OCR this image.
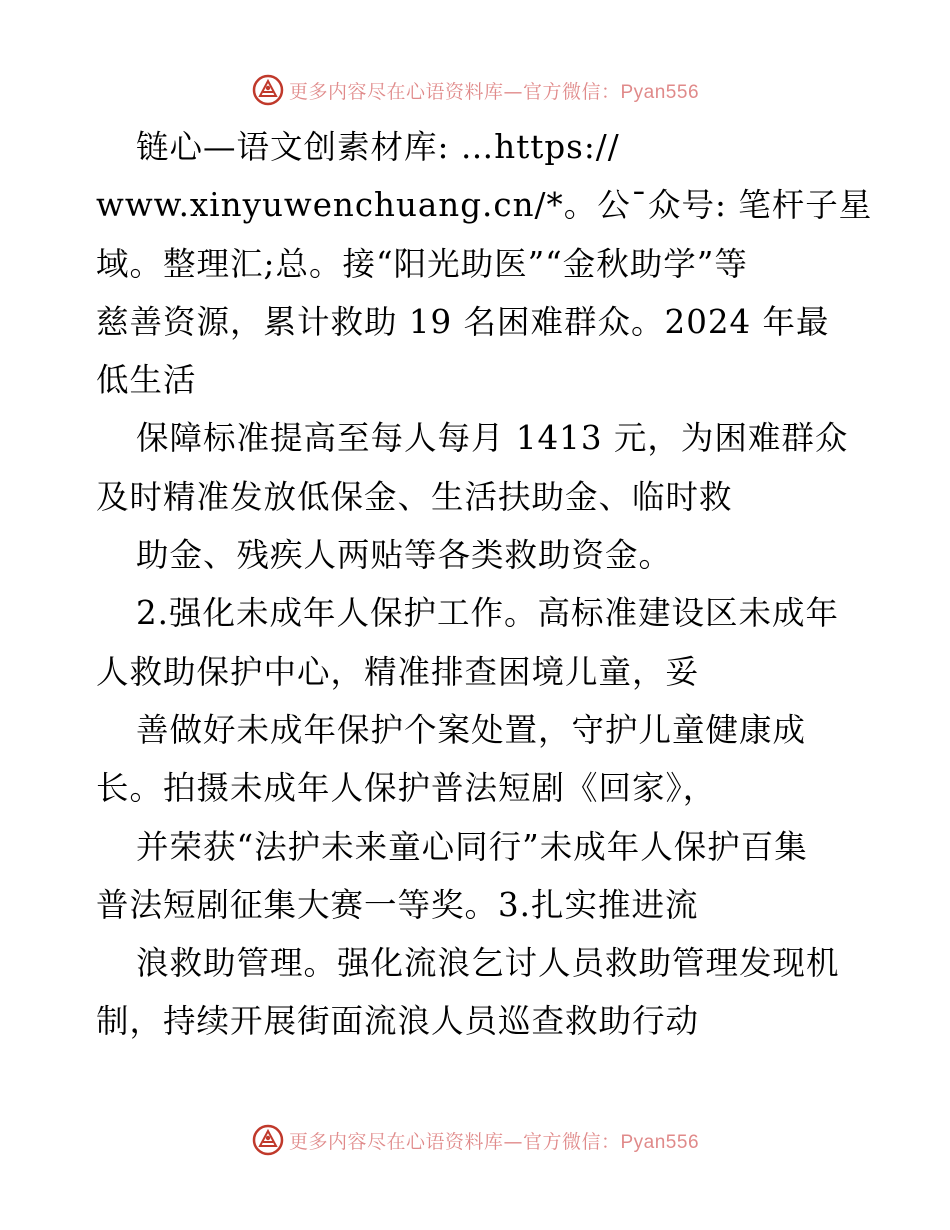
更多内容尽在心语资料库—官方微信：Pyan556
链心—语文创素材库: …https://
www.xinyuwenchuang.cn/*。公¯众号: 笔杆子星
域。整理汇;总。接“阳光助医”“金秋助学”等
慈善资源，累计救助 19 名困难群众。2024 年最
低生活
保障标准提高至每人每月 1413 元，为困难群众
及时精准发放低保金、生活扶助金、临时救
助金、残疾人两贴等各类救助资金。
2.强化未成年人保护工作。高标准建设区未成年
人救助保护中心，精准排查困境儿童，妥
善做好未成年保护个案处置，守护儿童健康成
长。拍摄未成年人保护普法短剧《回家》，
并荣获“法护未来童心同行”未成年人保护百集
普法短剧征集大赛一等奖。3.扎实推进流
浪救助管理。强化流浪乞讨人员救助管理发现机
制，持续开展街面流浪人员巡查救助行动
更多内容尽在心语资料库—官方微信：Pyan556
